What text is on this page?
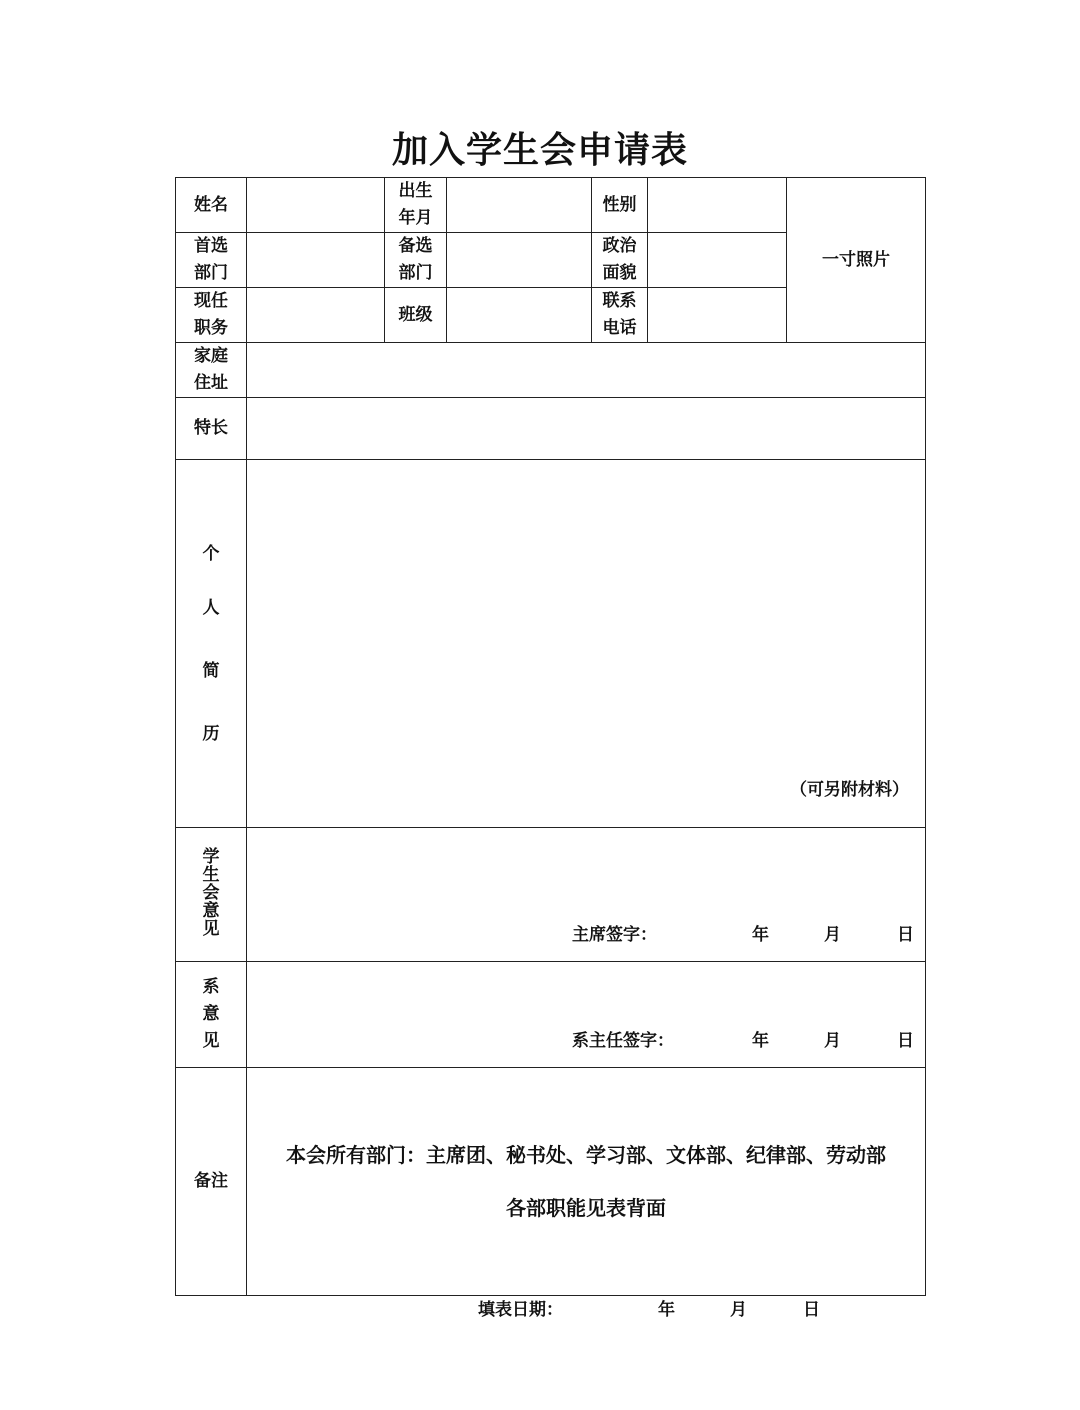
加入学生会申请表
姓名		出生年月		性别		一寸照片
首选部门		备选部门		政治面貌		
现任职务		班级		联系电话		
家庭住址						
特长						

个
人
简
历	（可另附材料）					

学生会意见	主席签字： 年 月 日					

系意见	系主任签字： 年 月 日					

备注	本会所有部门：主席团、秘书处、学习部、文体部、纪律部、劳动部
各部职能见表背面					
填表日期：	年	月	日
